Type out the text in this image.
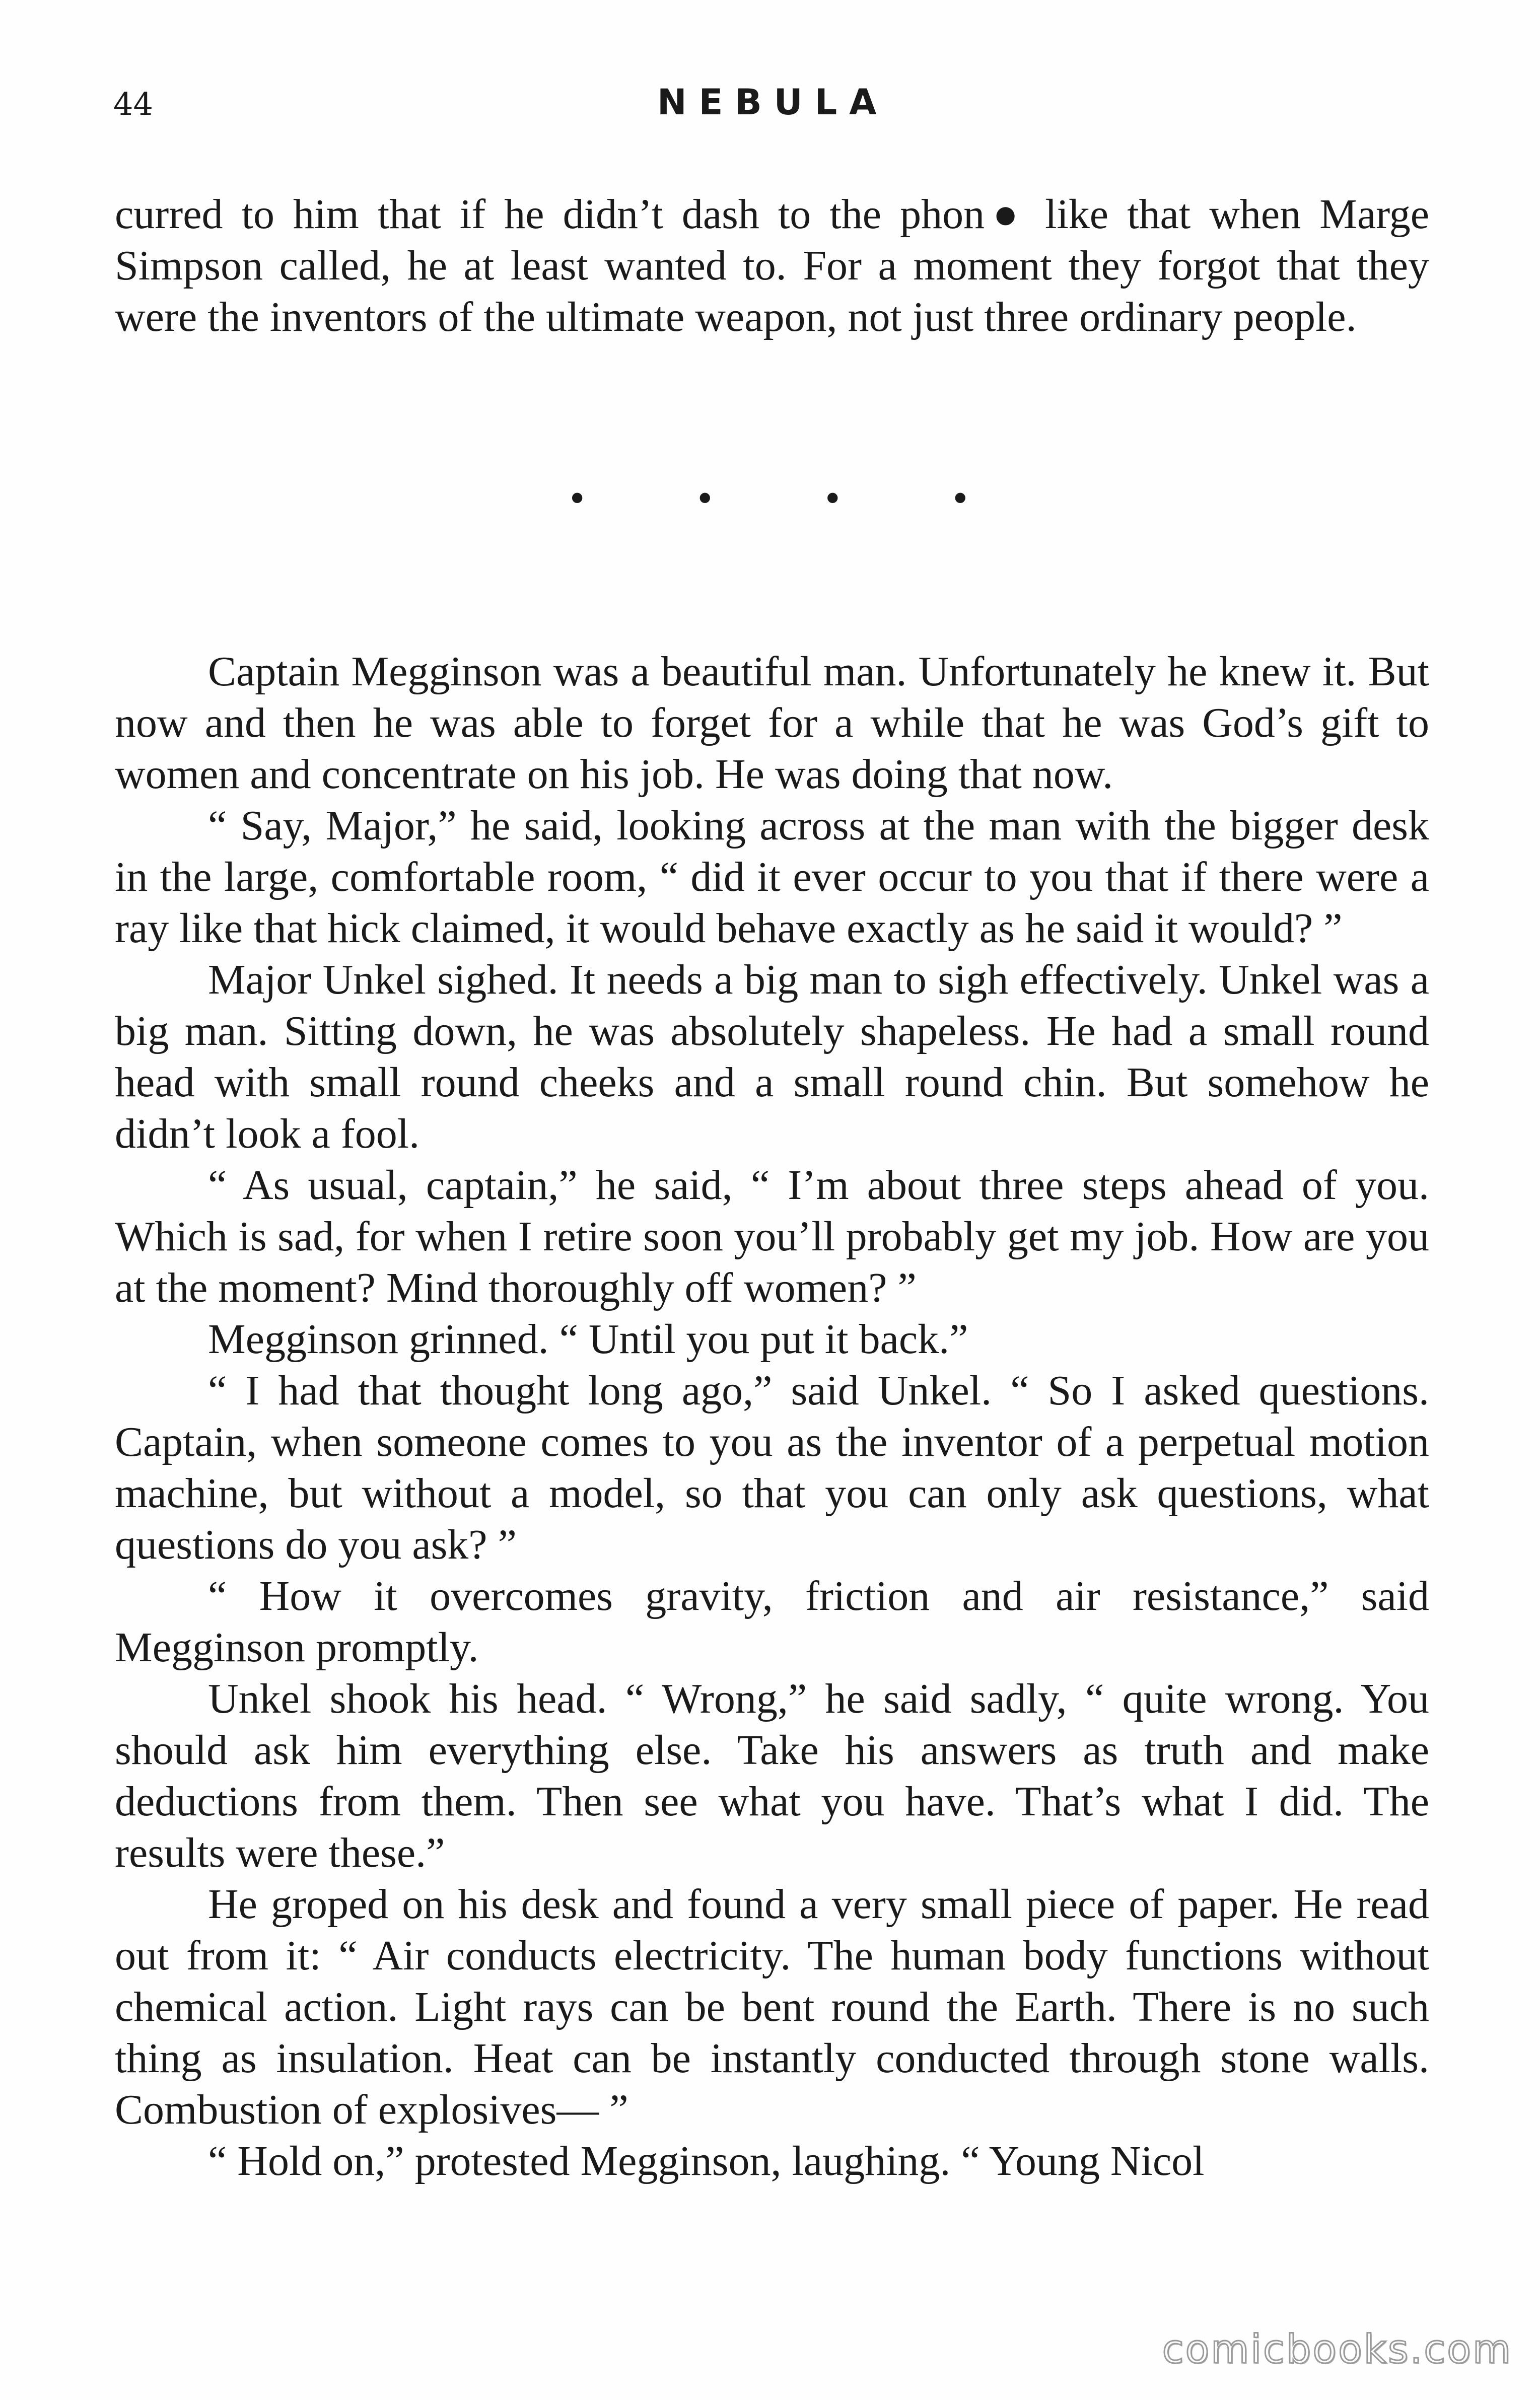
44	NEBULA

curred to him that if he didn’t dash to the phon● like that when Marge Simpson called, he at least wanted to. For a moment they forgot that they were the inventors of the ultimate weapon, not just three ordinary people.

• • • •

Captain Megginson was a beautiful man. Unfortunately he knew it. But now and then he was able to forget for a while that he was God’s gift to women and concentrate on his job. He was doing that now.

“ Say, Major,” he said, looking across at the man with the bigger desk in the large, comfortable room, “ did it ever occur to you that if there were a ray like that hick claimed, it would behave exactly as he said it would? ”

Major Unkel sighed. It needs a big man to sigh effectively. Unkel was a big man. Sitting down, he was absolutely shapeless. He had a small round head with small round cheeks and a small round chin. But somehow he didn’t look a fool.

“ As usual, captain,” he said, “ I’m about three steps ahead of you. Which is sad, for when I retire soon you’ll probably get my job. How are you at the moment? Mind thoroughly off women? ”

Megginson grinned. “ Until you put it back.”

“ I had that thought long ago,” said Unkel. “ So I asked questions. Captain, when someone comes to you as the inventor of a perpetual motion machine, but without a model, so that you can only ask questions, what questions do you ask? ”

“ How it overcomes gravity, friction and air resistance,” said Megginson promptly.

Unkel shook his head. “ Wrong,” he said sadly, “ quite wrong. You should ask him everything else. Take his answers as truth and make deductions from them. Then see what you have. That’s what I did. The results were these.”

He groped on his desk and found a very small piece of paper. He read out from it: “ Air conducts electricity. The human body functions without chemical action. Light rays can be bent round the Earth. There is no such thing as insulation. Heat can be instantly conducted through stone walls. Combustion of explosives— ”

“ Hold on,” protested Megginson, laughing. “ Young Nicol

comicbooks.com
